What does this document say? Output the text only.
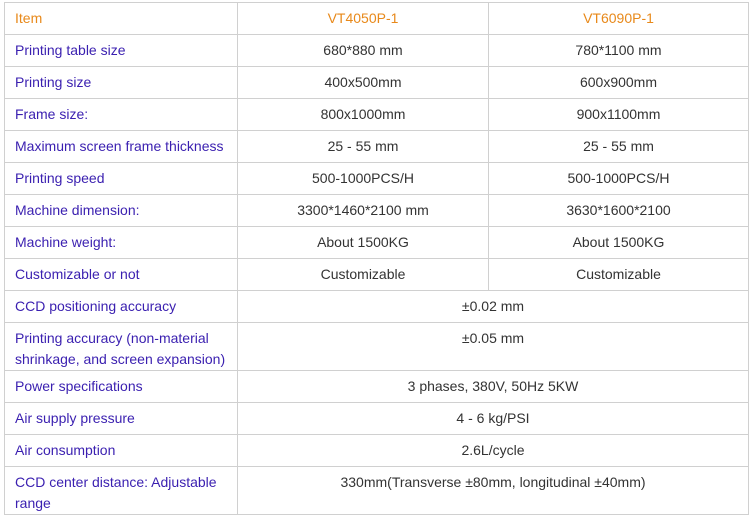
Item	VT4050P-1	VT6090P-1
Printing table size	680*880 mm	780*1100 mm
Printing size	400x500mm	600x900mm
Frame size:	800x1000mm	900x1100mm
Maximum screen frame thickness	25 - 55 mm	25 - 55 mm
Printing speed	500-1000PCS/H	500-1000PCS/H
Machine dimension:	3300*1460*2100 mm	3630*1600*2100
Machine weight:	About 1500KG	About 1500KG
Customizable or not	Customizable	Customizable
CCD positioning accuracy	±0.02 mm	
Printing accuracy (non-material shrinkage, and screen expansion)	±0.05 mm	
Power specifications	3 phases, 380V, 50Hz 5KW	
Air supply pressure	4 - 6 kg/PSI	
Air consumption	2.6L/cycle	
CCD center distance: Adjustable range	330mm(Transverse ±80mm, longitudinal ±40mm)	
